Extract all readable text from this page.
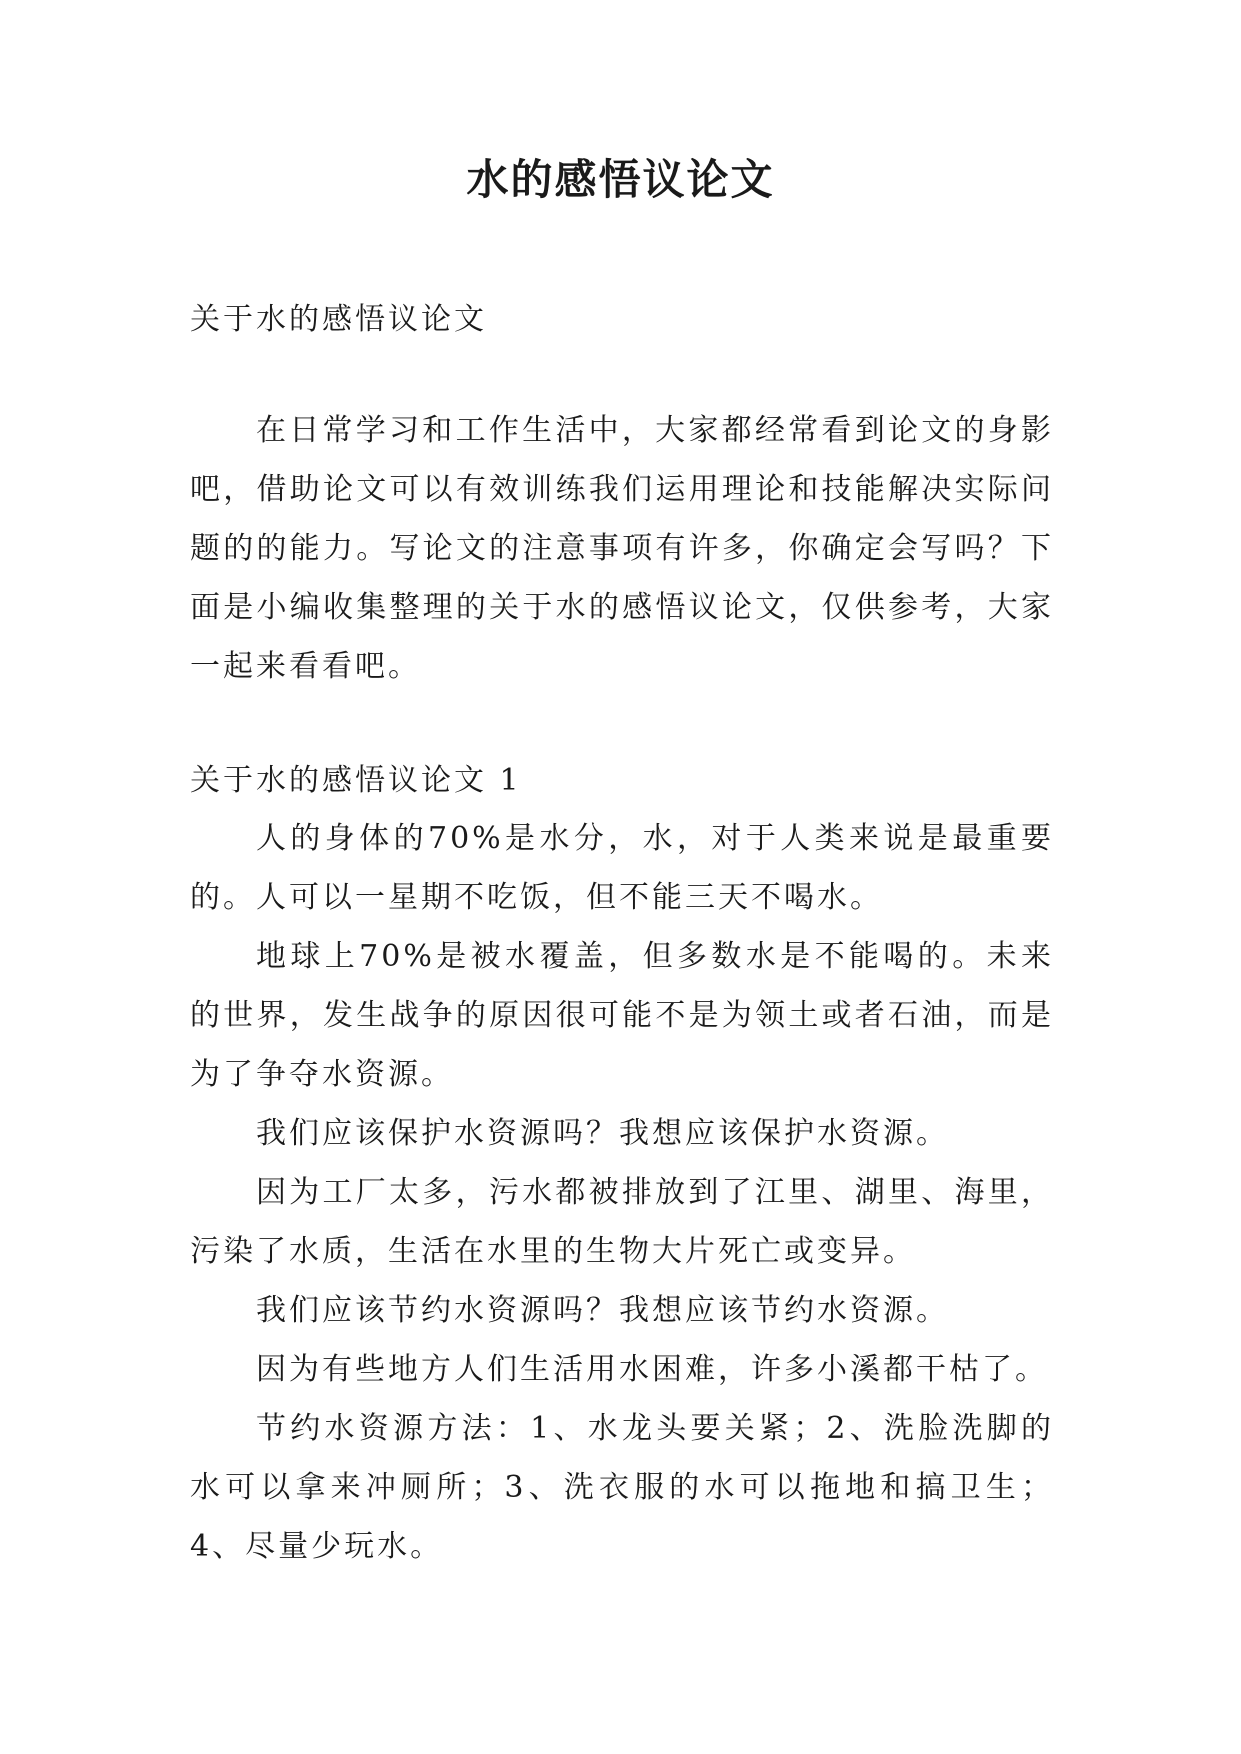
水的感悟议论文

关于水的感悟议论文

在日常学习和工作生活中，大家都经常看到论文的身影吧，借助论文可以有效训练我们运用理论和技能解决实际问题的的能力。写论文的注意事项有许多，你确定会写吗？下面是小编收集整理的关于水的感悟议论文，仅供参考，大家一起来看看吧。

关于水的感悟议论文 1

人的身体的70%是水分，水，对于人类来说是最重要的。人可以一星期不吃饭，但不能三天不喝水。

地球上70%是被水覆盖，但多数水是不能喝的。未来的世界，发生战争的原因很可能不是为领土或者石油，而是为了争夺水资源。

我们应该保护水资源吗？我想应该保护水资源。

因为工厂太多，污水都被排放到了江里、湖里、海里，污染了水质，生活在水里的生物大片死亡或变异。

我们应该节约水资源吗？我想应该节约水资源。

因为有些地方人们生活用水困难，许多小溪都干枯了。

节约水资源方法：1、水龙头要关紧；2、洗脸洗脚的水可以拿来冲厕所；3、洗衣服的水可以拖地和搞卫生；4、尽量少玩水。
